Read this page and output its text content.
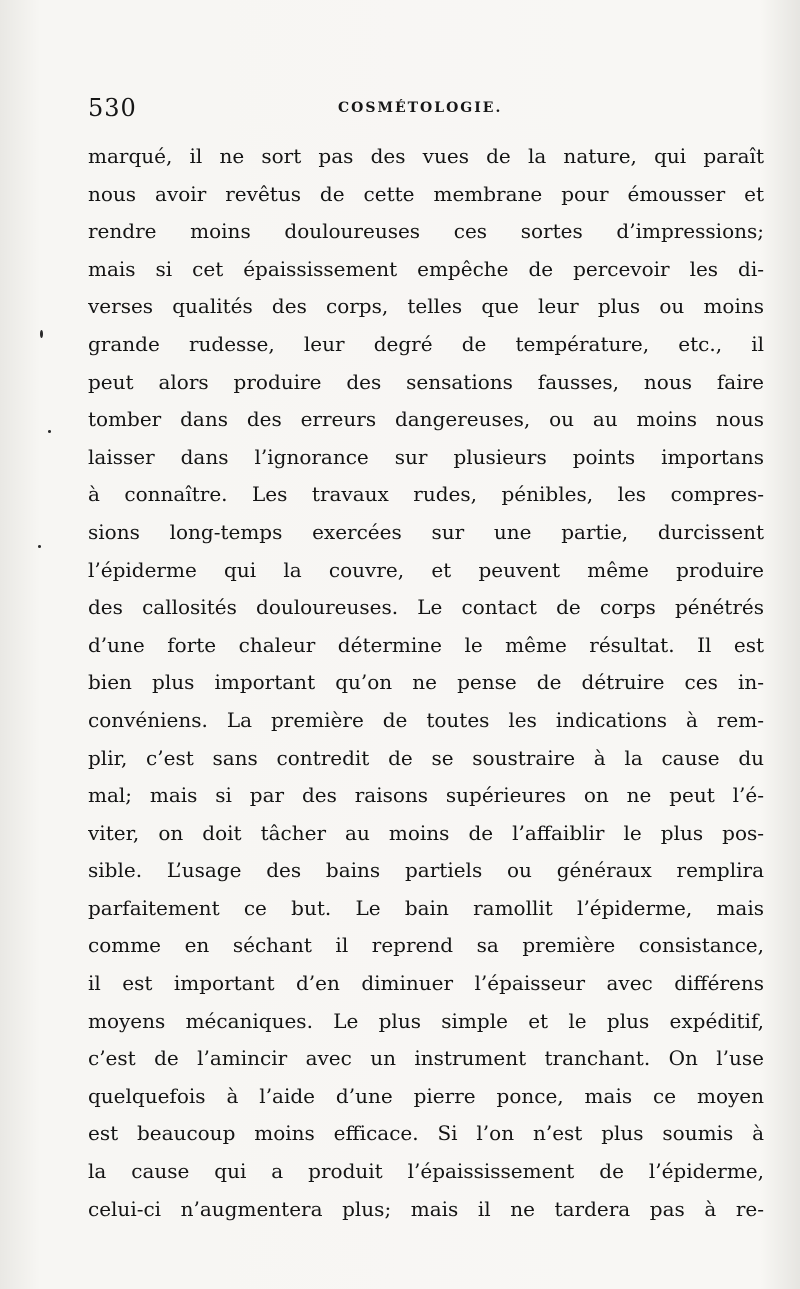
530	COSMÉTOLOGIE.
marqué, il ne sort pas des vues de la nature, qui paraît
nous avoir revêtus de cette membrane pour émousser et
rendre moins douloureuses ces sortes d’impressions;
mais si cet épaississement empêche de percevoir les di-
verses qualités des corps, telles que leur plus ou moins
grande rudesse, leur degré de température, etc., il
peut alors produire des sensations fausses, nous faire
tomber dans des erreurs dangereuses, ou au moins nous
laisser dans l’ignorance sur plusieurs points importans
à connaître. Les travaux rudes, pénibles, les compres-
sions long-temps exercées sur une partie, durcissent
l’épiderme qui la couvre, et peuvent même produire
des callosités douloureuses. Le contact de corps pénétrés
d’une forte chaleur détermine le même résultat. Il est
bien plus important qu’on ne pense de détruire ces in-
convéniens. La première de toutes les indications à rem-
plir, c’est sans contredit de se soustraire à la cause du
mal; mais si par des raisons supérieures on ne peut l’é-
viter, on doit tâcher au moins de l’affaiblir le plus pos-
sible. L’usage des bains partiels ou généraux remplira
parfaitement ce but. Le bain ramollit l’épiderme, mais
comme en séchant il reprend sa première consistance,
il est important d’en diminuer l’épaisseur avec différens
moyens mécaniques. Le plus simple et le plus expéditif,
c’est de l’amincir avec un instrument tranchant. On l’use
quelquefois à l’aide d’une pierre ponce, mais ce moyen
est beaucoup moins efficace. Si l’on n’est plus soumis à
la cause qui a produit l’épaississement de l’épiderme,
celui-ci n’augmentera plus; mais il ne tardera pas à re-
